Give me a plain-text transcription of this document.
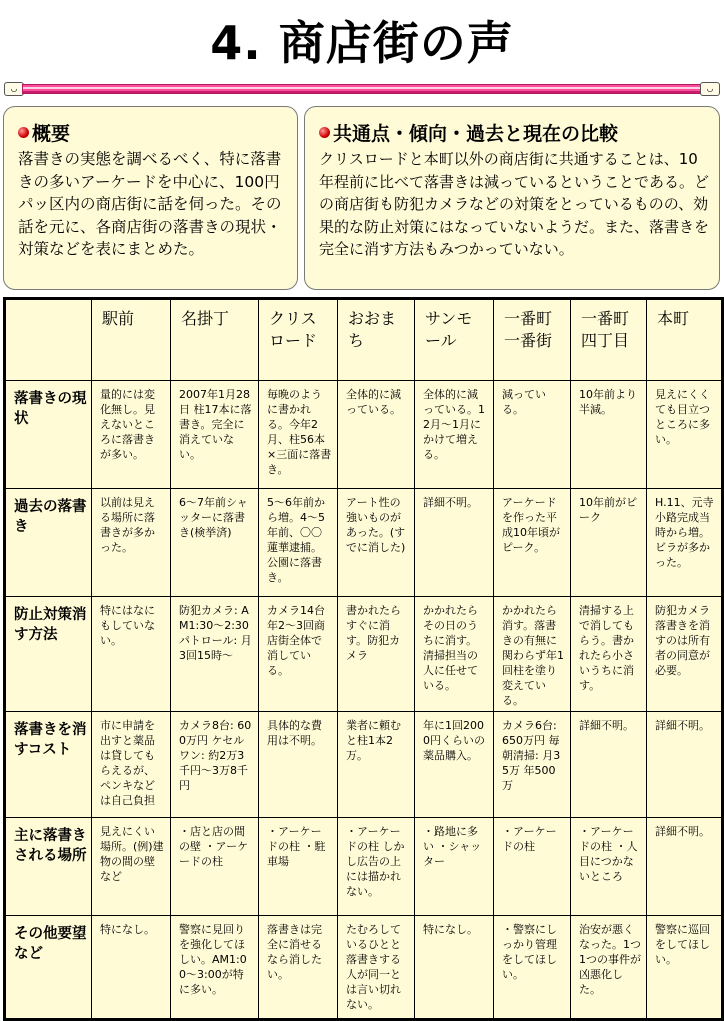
4. 商店街の声
◡	◡
概要

落書きの実態を調べるべく、特に落書きの多いアーケードを中心に、100円パッ区内の商店街に話を伺った。その話を元に、各商店街の落書きの現状・対策などを表にまとめた。

共通点・傾向・過去と現在の比較

クリスロードと本町以外の商店街に共通することは、10年程前に比べて落書きは減っているということである。どの商店街も防犯カメラなどの対策をとっているものの、効果的な防止対策にはなっていないようだ。また、落書きを完全に消す方法もみつかっていない。

	駅前	名掛丁	クリスロード	おおまち	サンモール	一番町一番街	一番町四丁目	本町
落書きの現状	量的には変化無し。見えないところに落書きが多い。	2007年1月28日 柱17本に落書き。完全に消えていない。	毎晩のように書かれる。今年2月、柱56本×三面に落書き。	全体的に減っている。	全体的に減っている。12月～1月にかけて増える。	減っている。	10年前より半減。	見えにくくても目立つところに多い。
過去の落書き	以前は見える場所に落書きが多かった。	6～7年前シャッターに落書き(検挙済)	5～6年前から増。4～5年前、〇〇蓮華逮捕。公園に落書き。	アート性の強いものがあった。(すでに消した)	詳細不明。	アーケードを作った平成10年頃がピーク。	10年前がピーク	H.11、元寺小路完成当時から増。ビラが多かった。
防止対策消す方法	特にはなにもしていない。	防犯カメラ: AM1:30～2:30 パトロール: 月3回15時～	カメラ14台年2～3回商店街全体で消している。	書かれたらすぐに消す。防犯カメラ	かかれたらその日のうちに消す。清掃担当の人に任せている。	かかれたら消す。落書きの有無に関わらず年1回柱を塗り変えている。	清掃する上で消してもらう。書かれたら小さいうちに消す。	防犯カメラ落書きを消すのは所有者の同意が必要。
落書きを消すコスト	市に申請を出すと薬品は貸してもらえるが、ペンキなどは自己負担	カメラ8台: 600万円 ケセルワン: 約2万3千円～3万8千円	具体的な費用は不明。	業者に頼むと柱1本2万。	年に1回2000円くらいの薬品購入。	カメラ6台: 650万円 毎朝清掃: 月35万 年500万	詳細不明。	詳細不明。
主に落書きされる場所	見えにくい場所。(例)建物の間の壁など	・店と店の間の壁 ・アーケードの柱	・アーケードの柱 ・駐車場	・アーケードの柱 しかし広告の上には描かれない。	・路地に多い ・シャッター	・アーケードの柱	・アーケードの柱 ・人目につかないところ	詳細不明。
その他要望など	特になし。	警察に見回りを強化してほしい。AM1:00～3:00が特に多い。	落書きは完全に消せるなら消したい。	たむろしているひとと落書きする人が同一とは言い切れない。	特になし。	・警察にしっかり管理をしてほしい。	治安が悪くなった。1つ1つの事件が凶悪化した。	警察に巡回をしてほしい。
